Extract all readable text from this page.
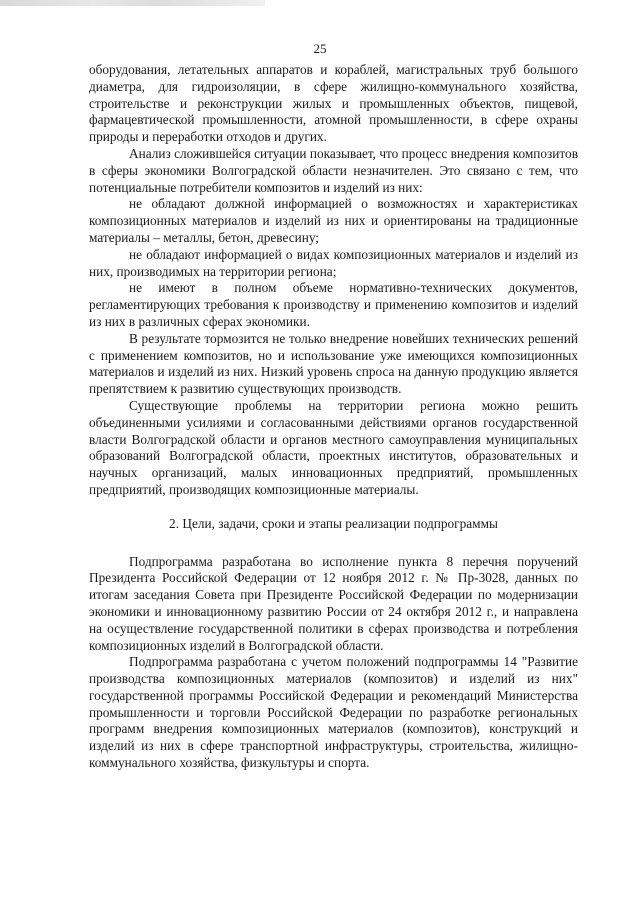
25

оборудования, летательных аппаратов и кораблей, магистральных труб большого диаметра, для гидроизоляции, в сфере жилищно-коммунального хозяйства, строительстве и реконструкции жилых и промышленных объектов, пищевой, фармацевтической промышленности, атомной промышленности, в сфере охраны природы и переработки отходов и других.

Анализ сложившейся ситуации показывает, что процесс внедрения композитов в сферы экономики Волгоградской области незначителен. Это связано с тем, что потенциальные потребители композитов и изделий из них:

не обладают должной информацией о возможностях и характеристиках композиционных материалов и изделий из них и ориентированы на традиционные материалы – металлы, бетон, древесину;

не обладают информацией о видах композиционных материалов и изделий из них, производимых на территории региона;

не имеют в полном объеме нормативно-технических документов, регламентирующих требования к производству и применению композитов и изделий из них в различных сферах экономики.

В результате тормозится не только внедрение новейших технических решений с применением композитов, но и использование уже имеющихся композиционных материалов и изделий из них. Низкий уровень спроса на данную продукцию является препятствием к развитию существующих производств.

Существующие проблемы на территории региона можно решить объединенными усилиями и согласованными действиями органов государственной власти Волгоградской области и органов местного самоуправления муниципальных образований Волгоградской области, проектных институтов, образовательных и научных организаций, малых инновационных предприятий, промышленных предприятий, производящих композиционные материалы.

2. Цели, задачи, сроки и этапы реализации подпрограммы

Подпрограмма разработана во исполнение пункта 8 перечня поручений Президента Российской Федерации от 12 ноября 2012 г. № Пр-3028, данных по итогам заседания Совета при Президенте Российской Федерации по модернизации экономики и инновационному развитию России от 24 октября 2012 г., и направлена на осуществление государственной политики в сферах производства и потребления композиционных изделий в Волгоградской области.

Подпрограмма разработана с учетом положений подпрограммы 14 "Развитие производства композиционных материалов (композитов) и изделий из них" государственной программы Российской Федерации и рекомендаций Министерства промышленности и торговли Российской Федерации по разработке региональных программ внедрения композиционных материалов (композитов), конструкций и изделий из них в сфере транспортной инфраструктуры, строительства, жилищно-коммунального хозяйства, физкультуры и спорта.
